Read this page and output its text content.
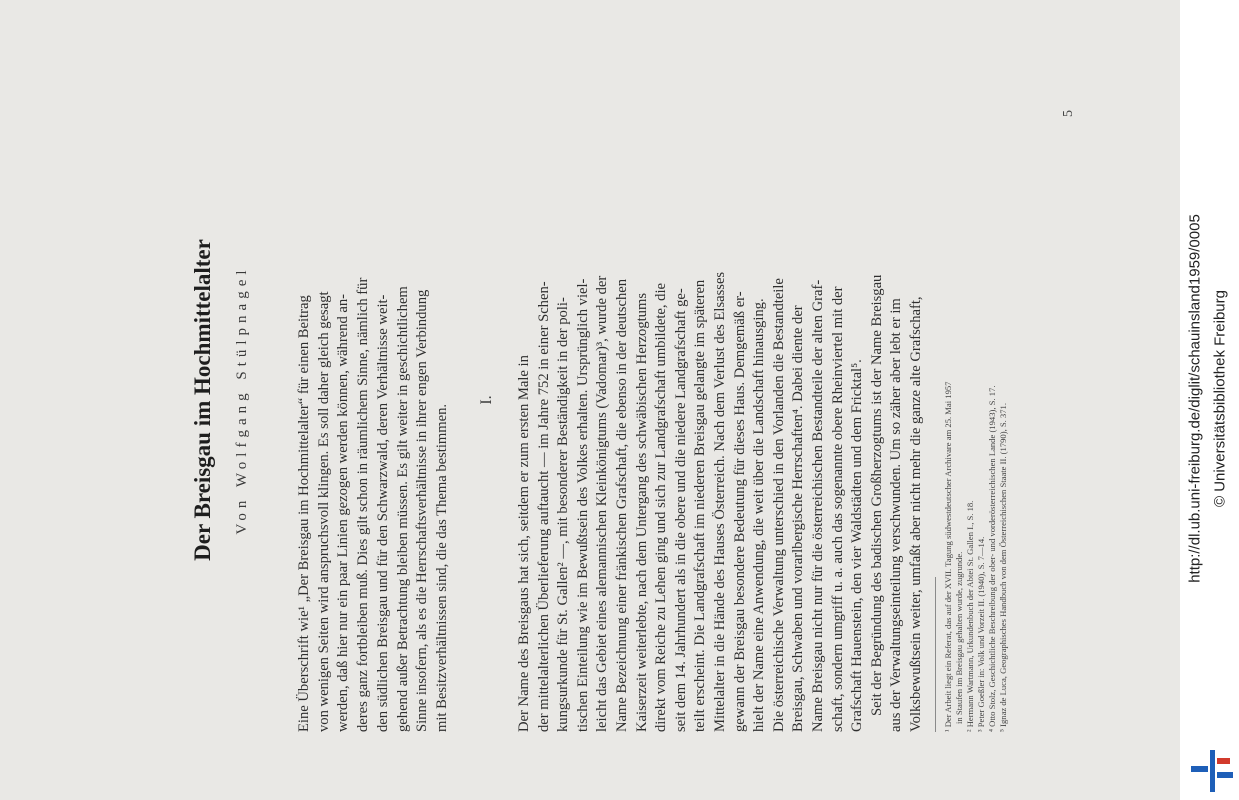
Der Breisgau im Hochmittelalter Von Wolfgang Stülpnagel	Eine Überschrift wie¹ „Der Breisgau im Hochmittelalter“ für einen Beitrag von wenigen Seiten wird anspruchsvoll klingen. Es soll daher gleich gesagt werden, daß hier nur ein paar Linien gezogen werden können, während an- deres ganz fortbleiben muß. Dies gilt schon in räumlichem Sinne, nämlich für den südlichen Breisgau und für den Schwarzwald, deren Verhältnisse weit- gehend außer Betrachtung bleiben müssen. Es gilt weiter in geschichtlichem Sinne insofern, als es die Herrschaftsverhältnisse in ihrer engen Verbindung mit Besitzverhältnissen sind, die das Thema bestimmen.
I. Der Name des Breisgaus hat sich, seitdem er zum ersten Male in der mittelalterlichen Überlieferung auftaucht — im Jahre 752 in einer Schen- kungsurkunde für St. Gallen² —, mit besonderer Beständigkeit in der poli- tischen Einteilung wie im Bewußtsein des Volkes erhalten. Ursprünglich viel- leicht das Gebiet eines alemannischen Kleinkönigtums (Vadomar)³, wurde der Name Bezeichnung einer fränkischen Grafschaft, die ebenso in der deutschen Kaiserzeit weiterlebte, nach dem Untergang des schwäbischen Herzogtums direkt vom Reiche zu Lehen ging und sich zur Landgrafschaft umbildete, die seit dem 14. Jahrhundert als in die obere und die niedere Landgrafschaft ge- teilt erscheint. Die Landgrafschaft im niederen Breisgau gelangte im späteren Mittelalter in die Hände des Hauses Österreich. Nach dem Verlust des Elsasses gewann der Breisgau besondere Bedeutung für dieses Haus. Demgemäß er- hielt der Name eine Anwendung, die weit über die Landschaft hinausging. Die österreichische Verwaltung unterschied in den Vorlanden die Bestandteile Breisgau, Schwaben und vorarlbergische Herrschaften⁴. Dabei diente der Name Breisgau nicht nur für die österreichischen Bestandteile der alten Graf- schaft, sondern umgriff u. a. auch das sogenannte obere Rheinviertel mit der Grafschaft Hauenstein, den vier Waldstädten und dem Fricktal⁵. Seit der Begründung des badischen Großherzogtums ist der Name Breisgau aus der Verwaltungseinteilung verschwunden. Um so zäher aber lebt er im Volksbewußtsein weiter, umfaßt aber nicht mehr die ganze alte Grafschaft,	¹ Der Arbeit liegt ein Referat, das auf der XVII. Tagung südwestdeutscher Archivare am 25. Mai 1957 in Staufen im Breisgau gehalten wurde, zugrunde. ² Hermann Wartmann, Urkundenbuch der Abtei St. Gallen I., S. 18. ³ Peter Goeßler in: Volk und Vorzeit II. (1940), S. 7—14. ⁴ Otto Stolz, Geschichtliche Beschreibung der ober- und vorderösterreichischen Lande (1943), S. 17. ⁵ Ignaz de Luca, Geographisches Handbuch von dem Österreichischen Staate II. (1790), S. 371.
5
http://dl.ub.uni-freiburg.de/diglit/schauinsland1959/0005 © Universitätsbibliothek Freiburg
